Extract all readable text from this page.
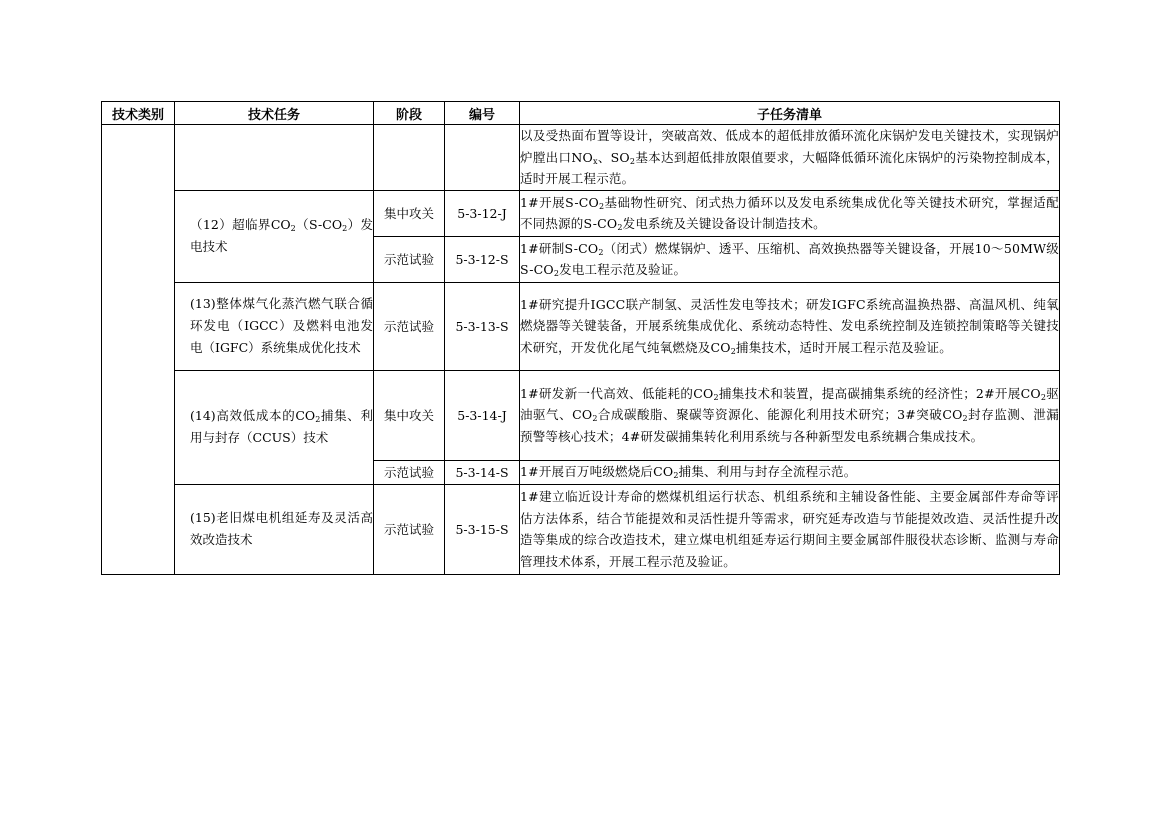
技术类别	技术任务	阶段	编号	子任务清单
				以及受热面布置等设计，突破高效、低成本的超低排放循环流化床锅炉发电关键技术，实现锅炉炉膛出口$NO_x$、$SO_2$基本达到超低排放限值要求，大幅降低循环流化床锅炉的污染物控制成本，适时开展工程示范。

	（12）超临界$CO_2(S-CO_2)$发电技术	集中攻关	5-3-12-J	1#开展$S-CO_2$基础物性研究、闭式热力循环以及发电系统集成优化等关键技术研究，掌握适配不同热源的$S-CO_2$发电系统及关键设备设计制造技术。
		示范试验	5-3-12-S	1#研制$S-CO_2$（闭式）燃煤锅炉、透平、压缩机、高效换热器等关键设备，开展10～50MW级$S-CO_2$发电工程示范及验证。

	(13)整体煤气化蒸汽燃气联合循环发电（IGCC）及燃料电池发电（IGFC）系统集成优化技术	示范试验	5-3-13-S	1#研究提升IGCC联产制氢、灵活性发电等技术；研发IGFC系统高温换热器、高温风机、纯氧燃烧器等关键装备，开展系统集成优化、系统动态特性、发电系统控制及连锁控制策略等关键技术研究，开发优化尾气纯氧燃烧及$CO_2$捕集技术，适时开展工程示范及验证。

	(14)高效低成本的$CO_2$捕集、利用与封存（CCUS）技术	集中攻关	5-3-14-J	1#研发新一代高效、低能耗的$CO_2$捕集技术和装置，提高碳捕集系统的经济性；2#开展$CO_2$驱油驱气、$CO_2$合成碳酸脂、聚碳等资源化、能源化利用技术研究；3#突破$CO_2$封存监测、泄漏预警等核心技术；4#研发碳捕集转化利用系统与各种新型发电系统耦合集成技术。
		示范试验	5-3-14-S	1#开展百万吨级燃烧后$CO_2$捕集、利用与封存全流程示范。

	(15)老旧煤电机组延寿及灵活高效改造技术	示范试验	5-3-15-S	1#建立临近设计寿命的燃煤机组运行状态、机组系统和主辅设备性能、主要金属部件寿命等评估方法体系，结合节能提效和灵活性提升等需求，研究延寿改造与节能提效改造、灵活性提升改造等集成的综合改造技术，建立煤电机组延寿运行期间主要金属部件服役状态诊断、监测与寿命管理技术体系，开展工程示范及验证。
